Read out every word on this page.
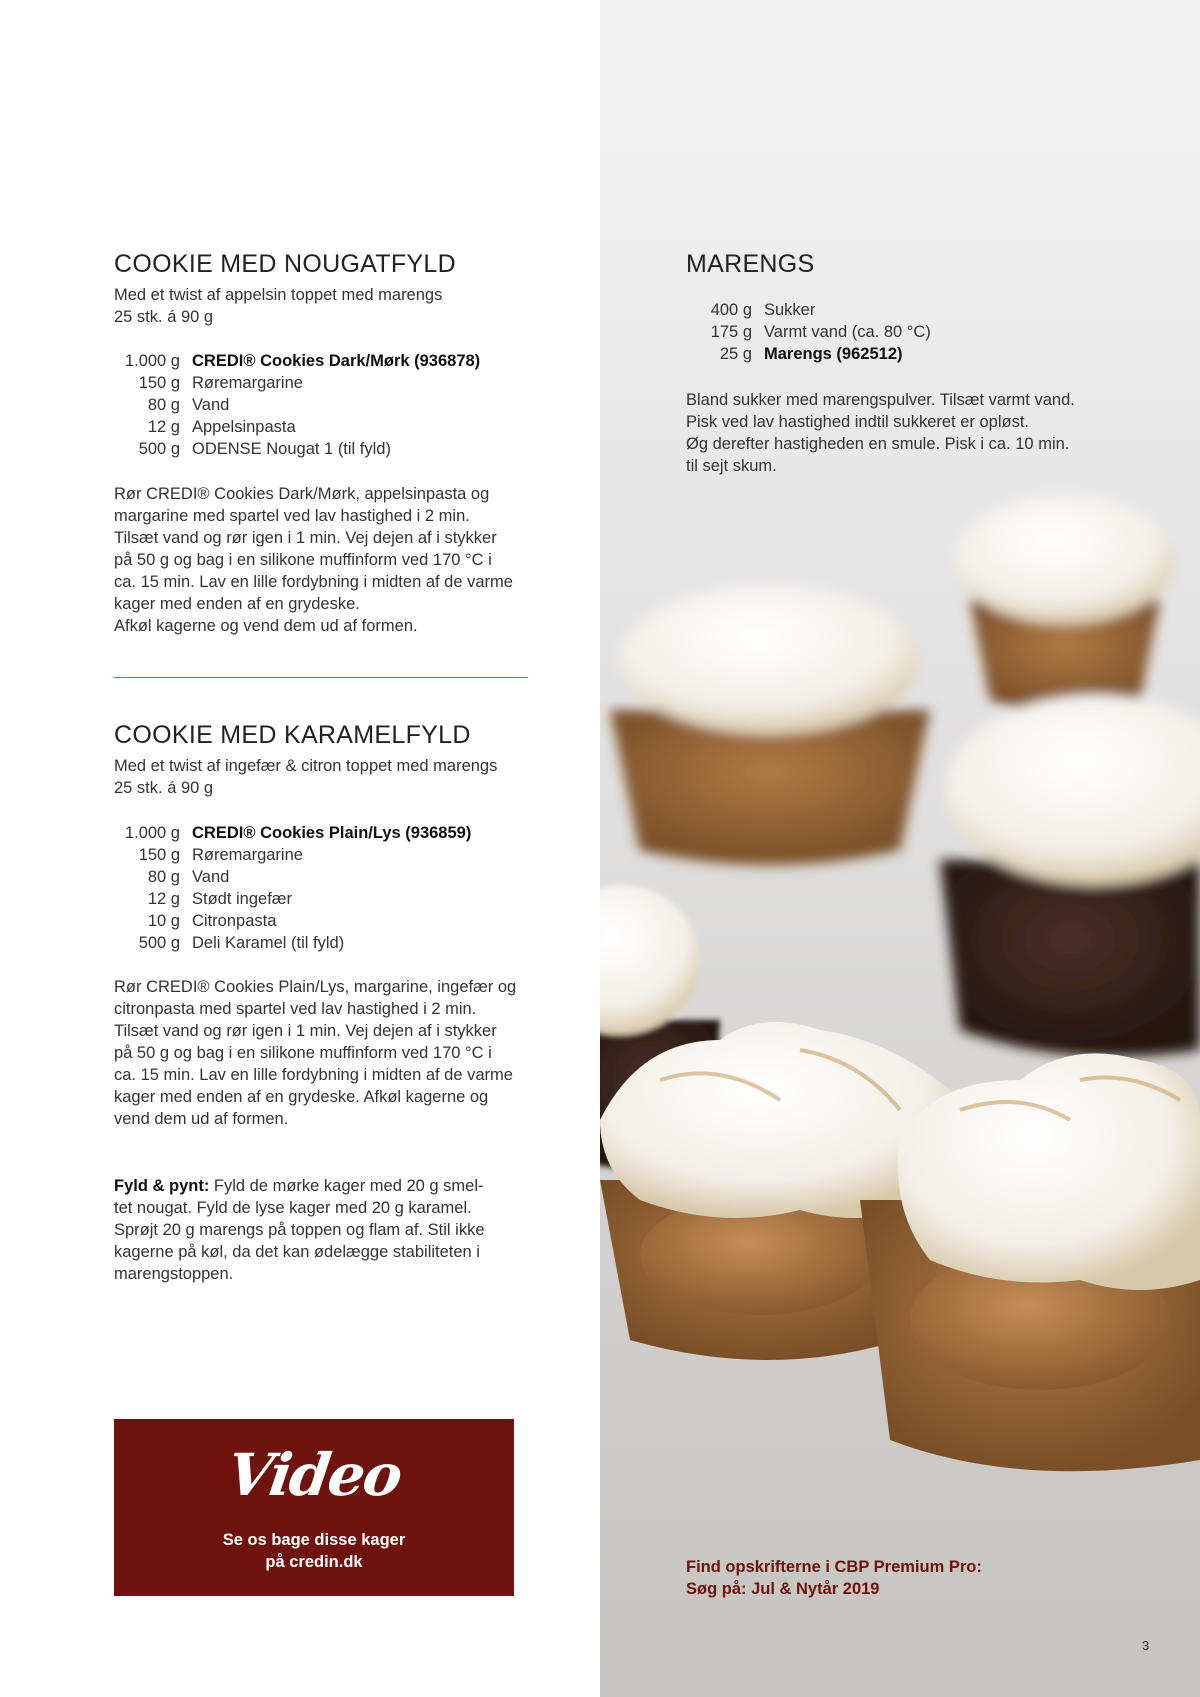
COOKIE MED NOUGATFYLD
Med et twist af appelsin toppet med marengs
25 stk. á 90 g
1.000 g CREDI® Cookies Dark/Mørk (936878)
150 g Røremargarine
80 g Vand
12 g Appelsinpasta
500 g ODENSE Nougat 1 (til fyld)
Rør CREDI® Cookies Dark/Mørk, appelsinpasta og
margarine med spartel ved lav hastighed i 2 min.
Tilsæt vand og rør igen i 1 min. Vej dejen af i stykker
på 50 g og bag i en silikone muffinform ved 170 °C i
ca. 15 min. Lav en lille fordybning i midten af de varme
kager med enden af en grydeske.
Afkøl kagerne og vend dem ud af formen.
COOKIE MED KARAMELFYLD
Med et twist af ingefær & citron toppet med marengs
25 stk. á 90 g
1.000 g CREDI® Cookies Plain/Lys (936859)
150 g Røremargarine
80 g Vand
12 g Stødt ingefær
10 g Citronpasta
500 g Deli Karamel (til fyld)
Rør CREDI® Cookies Plain/Lys, margarine, ingefær og
citronpasta med spartel ved lav hastighed i 2 min.
Tilsæt vand og rør igen i 1 min. Vej dejen af i stykker
på 50 g og bag i en silikone muffinform ved 170 °C i
ca. 15 min. Lav en lille fordybning i midten af de varme
kager med enden af en grydeske. Afkøl kagerne og
vend dem ud af formen.
Fyld & pynt: Fyld de mørke kager med 20 g smel-
tet nougat. Fyld de lyse kager med 20 g karamel.
Sprøjt 20 g marengs på toppen og flam af. Stil ikke
kagerne på køl, da det kan ødelægge stabiliteten i
marengstoppen.
MARENGS
400 g Sukker
175 g Varmt vand (ca. 80 °C)
25 g Marengs (962512)
Bland sukker med marengspulver. Tilsæt varmt vand.
Pisk ved lav hastighed indtil sukkeret er opløst.
Øg derefter hastigheden en smule. Pisk i ca. 10 min.
til sejt skum.
Video
Se os bage disse kager
på credin.dk	Find opskrifterne i CBP Premium Pro:
Søg på: Jul & Nytår 2019
3
